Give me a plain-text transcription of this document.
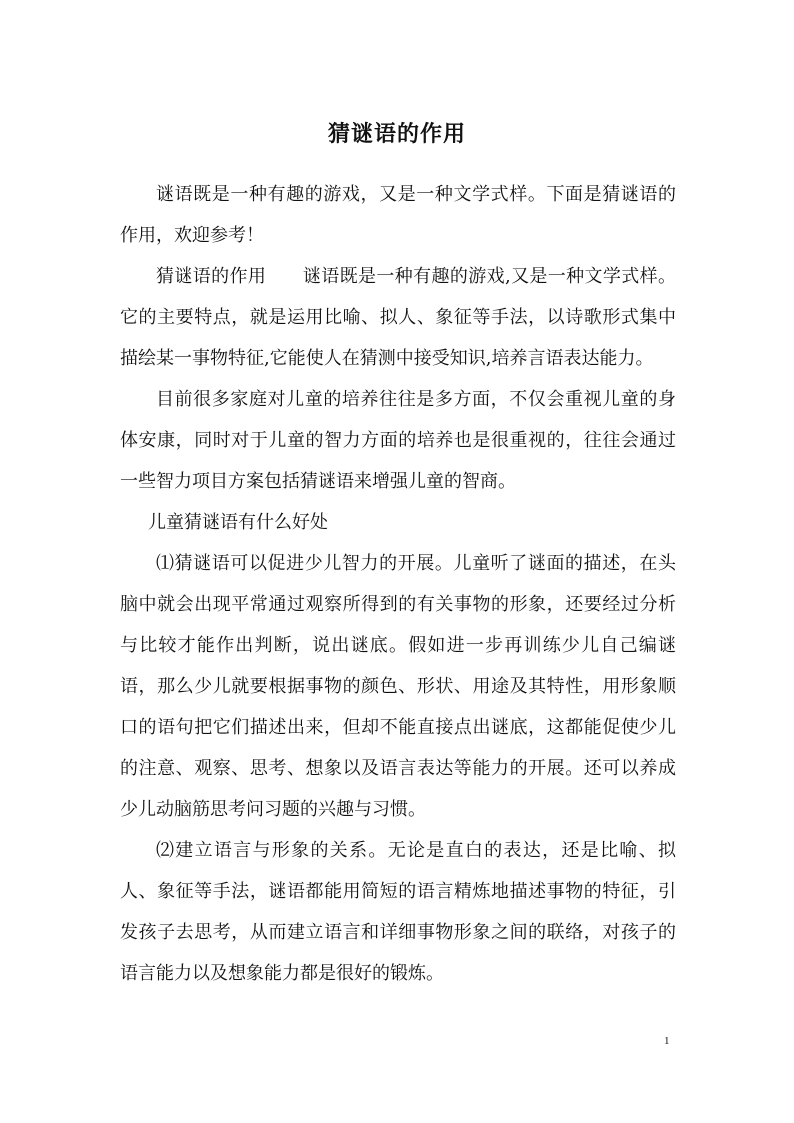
猜谜语的作用

谜语既是一种有趣的游戏，又是一种文学式样。下面是猜谜语的作用，欢迎参考！

猜谜语的作用　　谜语既是一种有趣的游戏,又是一种文学式样。它的主要特点，就是运用比喻、拟人、象征等手法，以诗歌形式集中描绘某一事物特征,它能使人在猜测中接受知识,培养言语表达能力。

目前很多家庭对儿童的培养往往是多方面，不仅会重视儿童的身体安康，同时对于儿童的智力方面的培养也是很重视的，往往会通过一些智力项目方案包括猜谜语来增强儿童的智商。

儿童猜谜语有什么好处

⑴猜谜语可以促进少儿智力的开展。儿童听了谜面的描述，在头脑中就会出现平常通过观察所得到的有关事物的形象，还要经过分析与比较才能作出判断，说出谜底。假如进一步再训练少儿自己编谜语，那么少儿就要根据事物的颜色、形状、用途及其特性，用形象顺口的语句把它们描述出来，但却不能直接点出谜底，这都能促使少儿的注意、观察、思考、想象以及语言表达等能力的开展。还可以养成少儿动脑筋思考问习题的兴趣与习惯。

⑵建立语言与形象的关系。无论是直白的表达，还是比喻、拟人、象征等手法，谜语都能用简短的语言精炼地描述事物的特征，引发孩子去思考，从而建立语言和详细事物形象之间的联络，对孩子的语言能力以及想象能力都是很好的锻炼。

1
